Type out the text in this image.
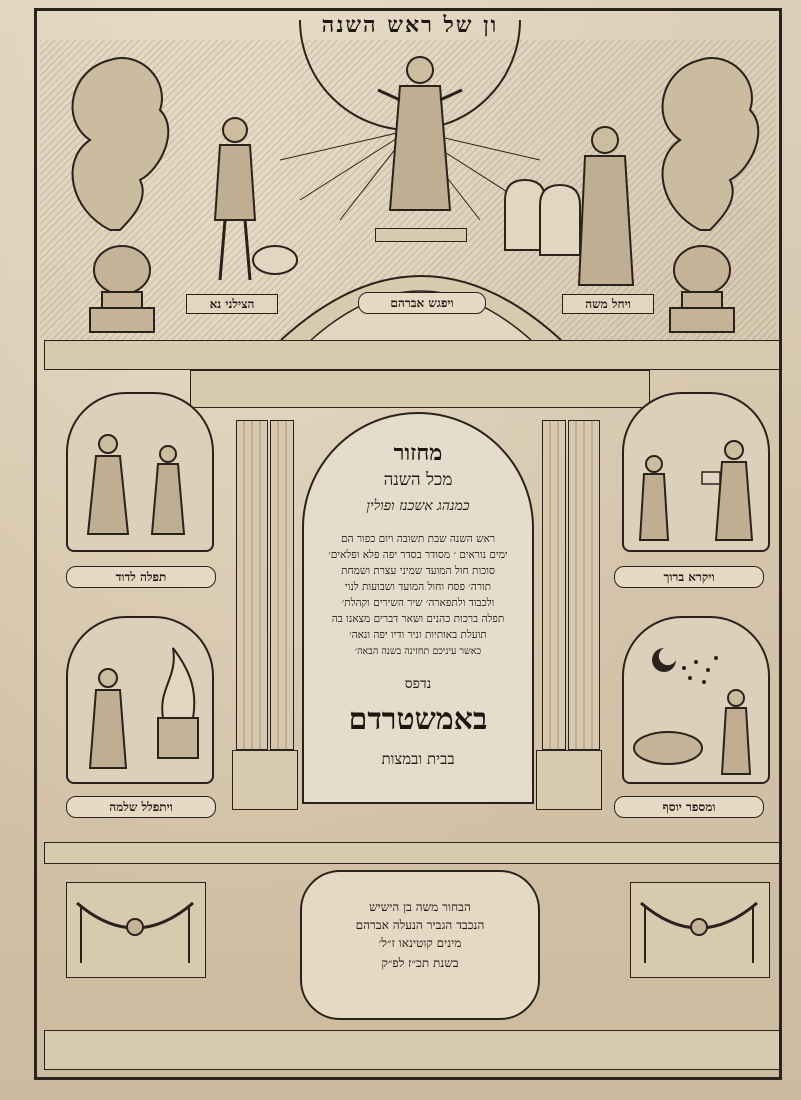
ון של ראש השנה
הצילני נא	ויחל משה
ויפגש אברהם
מחזור
מכל השנה
כמנהג אשכנז ופולין
ראש השנה שבת תשובה ויום כפור הם
ימים נוראים ׳ מסודר בסדר יפה פלא ופלאים׳
סוכות חול המועד שמיני עצרת ושמחת
תורה׳ פסח וחול המועד ושבועות לנוי
ולכבוד ולתפארה׳ שיר השירים וקהלת׳
תפלה ברכות כהנים ושאר דברים מצאנו בה
תועלת באותיות וניר ודיו יפה ונאה׳
כאשר עיניכם תחזינה בשנה הבאה׳
נדפס
באמשטרדם
בבית ובמצות
תפלה לדוד
ויתפלל שלמה
ויקרא ברוך
ומספר יוסף
הבחור משה בן הישיש
הנכבד הגביר הנעלה אברהם
מינים קוטינאו ז״ל׳
בשנת תכ״ז לפ״ק
